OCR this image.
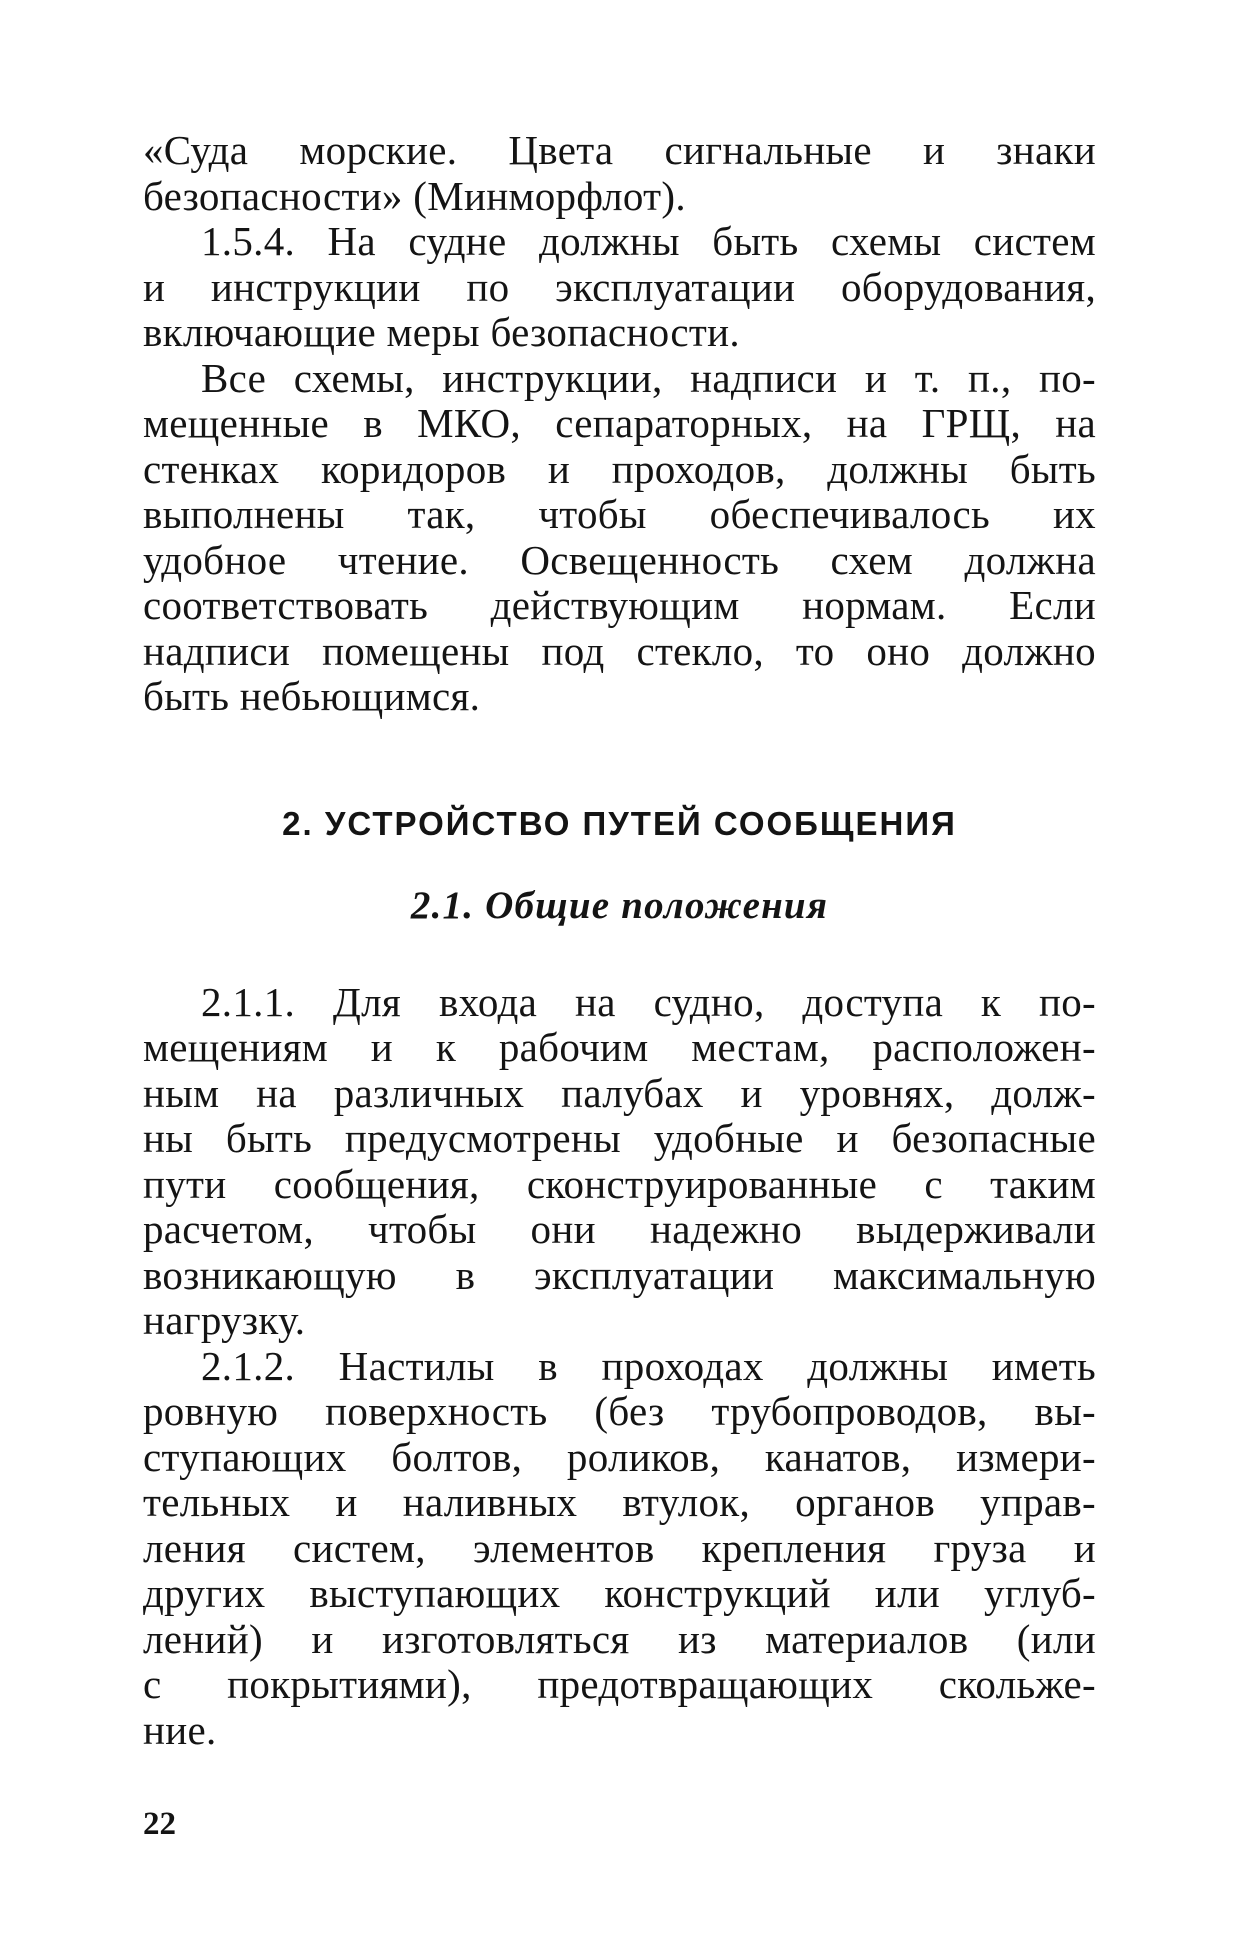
«Суда морские. Цвета сигнальные и знаки
безопасности» (Минморфлот).
1.5.4. На судне должны быть схемы систем
и инструкции по эксплуатации оборудования,
включающие меры безопасности.
Все схемы, инструкции, надписи и т. п., по-
мещенные в МКО, сепараторных, на ГРЩ, на
стенках коридоров и проходов, должны быть
выполнены так, чтобы обеспечивалось их
удобное чтение. Освещенность схем должна
соответствовать действующим нормам. Если
надписи помещены под стекло, то оно должно
быть небьющимся.
2. УСТРОЙСТВО ПУТЕЙ СООБЩЕНИЯ
2.1. Общие положения
2.1.1. Для входа на судно, доступа к по-
мещениям и к рабочим местам, расположен-
ным на различных палубах и уровнях, долж-
ны быть предусмотрены удобные и безопасные
пути сообщения, сконструированные с таким
расчетом, чтобы они надежно выдерживали
возникающую в эксплуатации максимальную
нагрузку.
2.1.2. Настилы в проходах должны иметь
ровную поверхность (без трубопроводов, вы-
ступающих болтов, роликов, канатов, измери-
тельных и наливных втулок, органов управ-
ления систем, элементов крепления груза и
других выступающих конструкций или углуб-
лений) и изготовляться из материалов (или
с покрытиями), предотвращающих скольже-
ние.
22
